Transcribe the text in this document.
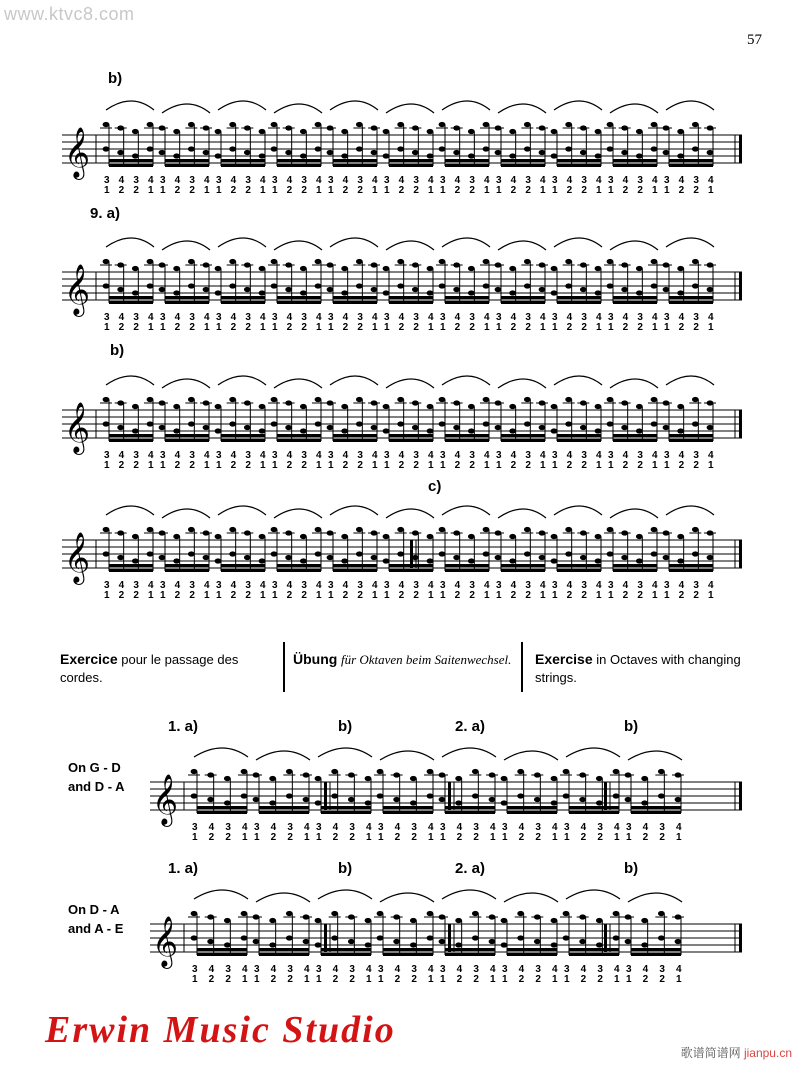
www.ktvc8.com
57
b)
9. a)
b)
c)
𝄞
3
1
4
2
3
2
4
1
3
1
4
2
3
2
4
1
3
1
4
2
3
2
4
1
3
1
4
2
3
2
4
1
3
1
4
2
3
2
4
1
3
1
4
2
3
2
4
1
3
1
4
2
3
2
4
1
3
1
4
2
3
2
4
1
3
1
4
2
3
2
4
1
3
1
4
2
3
2
4
1
3
1
4
2
3
2
4
1
𝄞
3
1
4
2
3
2
4
1
3
1
4
2
3
2
4
1
3
1
4
2
3
2
4
1
3
1
4
2
3
2
4
1
3
1
4
2
3
2
4
1
3
1
4
2
3
2
4
1
3
1
4
2
3
2
4
1
3
1
4
2
3
2
4
1
3
1
4
2
3
2
4
1
3
1
4
2
3
2
4
1
3
1
4
2
3
2
4
1
𝄞
3
1
4
2
3
2
4
1
3
1
4
2
3
2
4
1
3
1
4
2
3
2
4
1
3
1
4
2
3
2
4
1
3
1
4
2
3
2
4
1
3
1
4
2
3
2
4
1
3
1
4
2
3
2
4
1
3
1
4
2
3
2
4
1
3
1
4
2
3
2
4
1
3
1
4
2
3
2
4
1
3
1
4
2
3
2
4
1
𝄞
3
1
4
2
3
2
4
1
3
1
4
2
3
2
4
1
3
1
4
2
3
2
4
1
3
1
4
2
3
2
4
1
3
1
4
2
3
2
4
1
3
1
4
2
3
2
4
1
3
1
4
2
3
2
4
1
3
1
4
2
3
2
4
1
3
1
4
2
3
2
4
1
3
1
4
2
3
2
4
1
3
1
4
2
3
2
4
1
𝄞
3
1
4
2
3
2
4
1
3
1
4
2
3
2
4
1
3
1
4
2
3
2
4
1
3
1
4
2
3
2
4
1
3
1
4
2
3
2
4
1
3
1
4
2
3
2
4
1
3
1
4
2
3
2
4
1
3
1
4
2
3
2
4
1
𝄞
3
1
4
2
3
2
4
1
3
1
4
2
3
2
4
1
3
1
4
2
3
2
4
1
3
1
4
2
3
2
4
1
3
1
4
2
3
2
4
1
3
1
4
2
3
2
4
1
3
1
4
2
3
2
4
1
3
1
4
2
3
2
4
1
Exercice pour le passage des cordes.
Übung für Oktaven beim Saitenwechsel. Exercise in Octaves with changing strings.
On G - D
and D - A
1. a)	b)	2. a)	b)
On D - A
and A - E
1. a)	b)	2. a)	b)
Erwin Music Studio
歌谱简谱网 jianpu.cn
